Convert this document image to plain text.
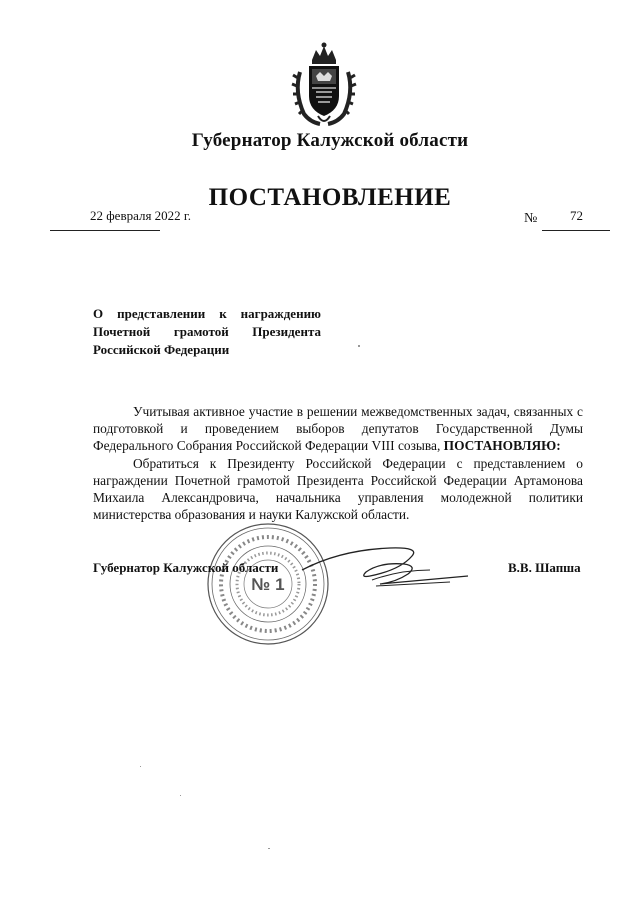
Губернатор Калужской области
ПОСТАНОВЛЕНИЕ
22 февраля 2022 г.	№	72
О представлении к награждению
Почетной грамотой Президента
Российской Федерации

Учитывая активное участие в решении межведомственных задач, связанных с подготовкой и проведением выборов депутатов Государственной Думы Федерального Собрания Российской Федерации VIII созыва, ПОСТАНОВЛЯЮ:

Обратиться к Президенту Российской Федерации с представлением о награждении Почетной грамотой Президента Российской Федерации Артамонова Михаила Александровича, начальника управления молодежной политики министерства образования и науки Калужской области.

№ 1
Губернатор Калужской области	В.В. Шапша
